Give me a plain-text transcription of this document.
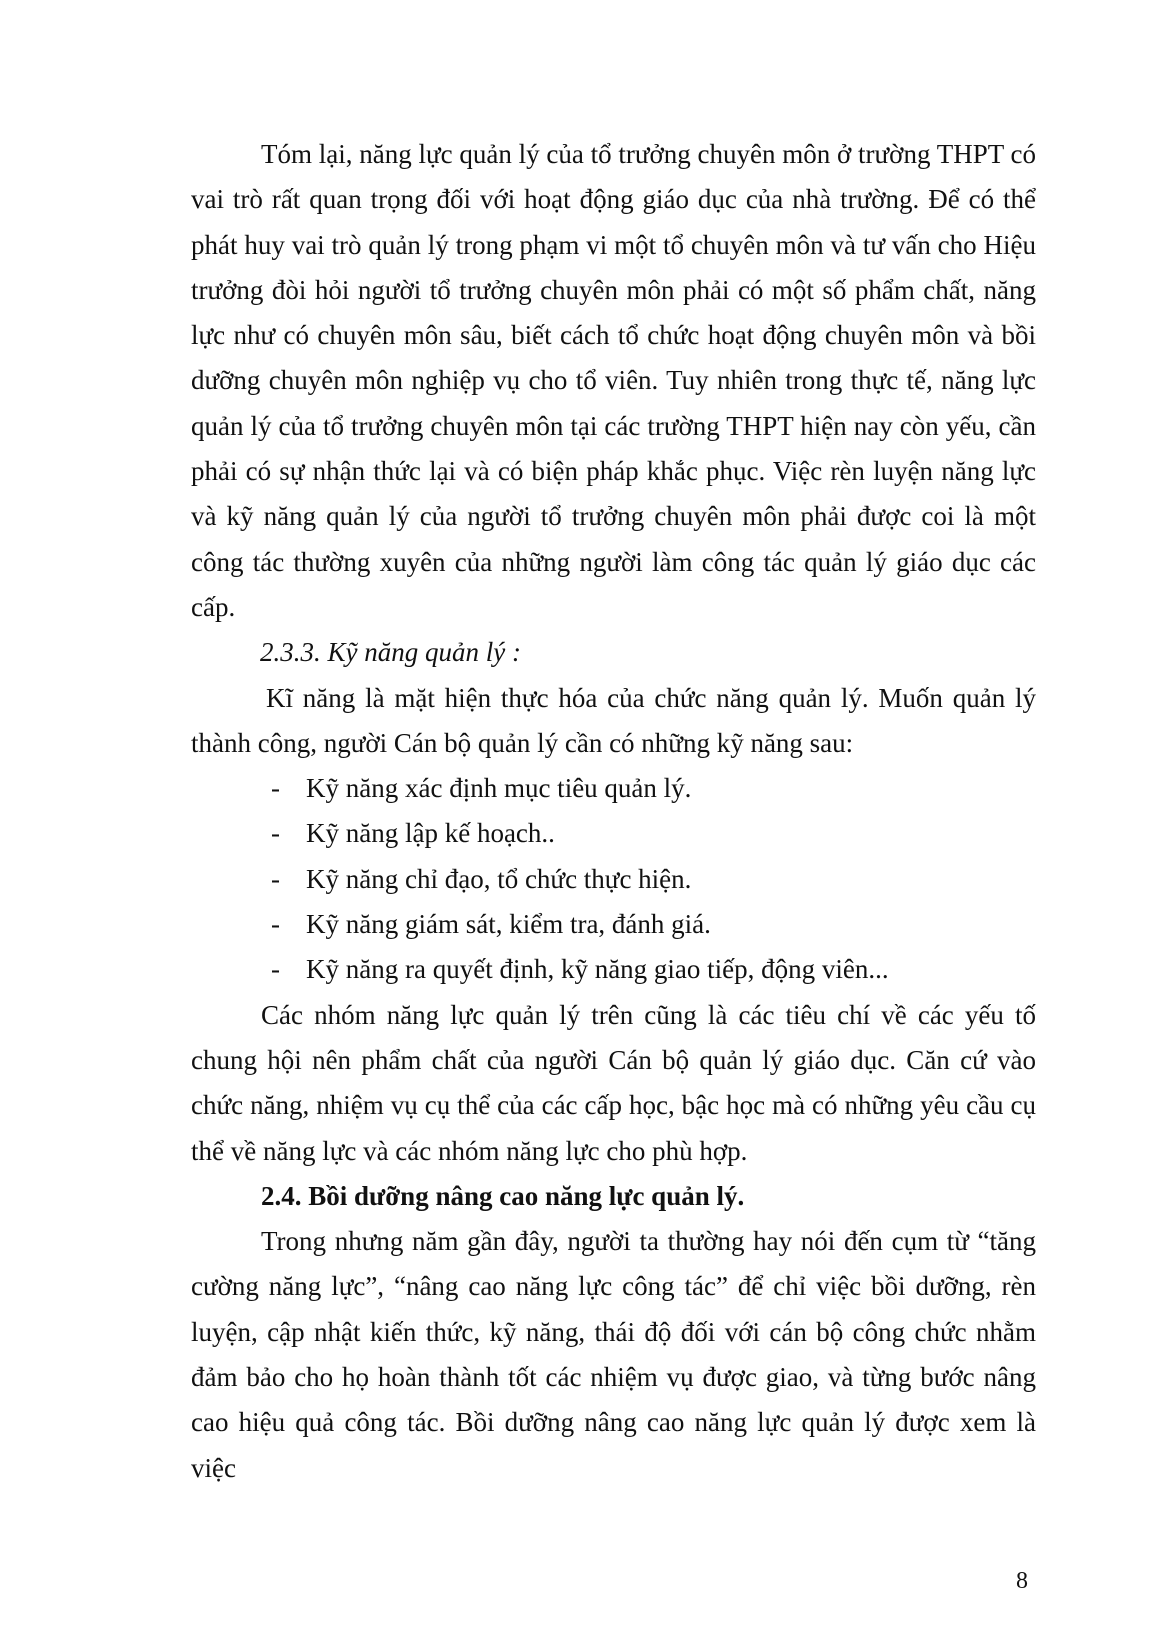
Tóm lại, năng lực quản lý của tổ trưởng chuyên môn ở trường THPT có vai trò rất quan trọng đối với hoạt động giáo dục của nhà trường. Để có thể phát huy vai trò quản lý trong phạm vi một tổ chuyên môn và tư vấn cho Hiệu trưởng đòi hỏi người tổ trưởng chuyên môn phải có một số phẩm chất, năng lực như có chuyên môn sâu, biết cách tổ chức hoạt động chuyên môn và bồi dưỡng chuyên môn nghiệp vụ cho tổ viên. Tuy nhiên trong thực tế, năng lực quản lý của tổ trưởng chuyên môn tại các trường THPT hiện nay còn yếu, cần phải có sự nhận thức lại và có biện pháp khắc phục. Việc rèn luyện năng lực và kỹ năng quản lý của người tổ trưởng chuyên môn phải được coi là một công tác thường xuyên của những người làm công tác quản lý giáo dục các cấp.

2.3.3. Kỹ năng quản lý :

Kĩ năng là mặt hiện thực hóa của chức năng quản lý. Muốn quản lý thành công, người Cán bộ quản lý cần có những kỹ năng sau:

- Kỹ năng xác định mục tiêu quản lý.
- Kỹ năng lập kế hoạch..
- Kỹ năng chỉ đạo, tổ chức thực hiện.
- Kỹ năng giám sát, kiểm tra, đánh giá.
- Kỹ năng ra quyết định, kỹ năng giao tiếp, động viên...

Các nhóm năng lực quản lý trên cũng là các tiêu chí về các yếu tố chung hội nên phẩm chất của người Cán bộ quản lý giáo dục. Căn cứ vào chức năng, nhiệm vụ cụ thể của các cấp học, bậc học mà có những yêu cầu cụ thể về năng lực và các nhóm năng lực cho phù hợp.

2.4. Bồi dưỡng nâng cao năng lực quản lý.

Trong nhưng năm gần đây, người ta thường hay nói đến cụm từ “tăng cường năng lực”, “nâng cao năng lực công tác” để chỉ việc bồi dưỡng, rèn luyện, cập nhật kiến thức, kỹ năng, thái độ đối với cán bộ công chức nhằm đảm bảo cho họ hoàn thành tốt các nhiệm vụ được giao, và từng bước nâng cao hiệu quả công tác. Bồi dưỡng nâng cao năng lực quản lý được xem là việc

8
